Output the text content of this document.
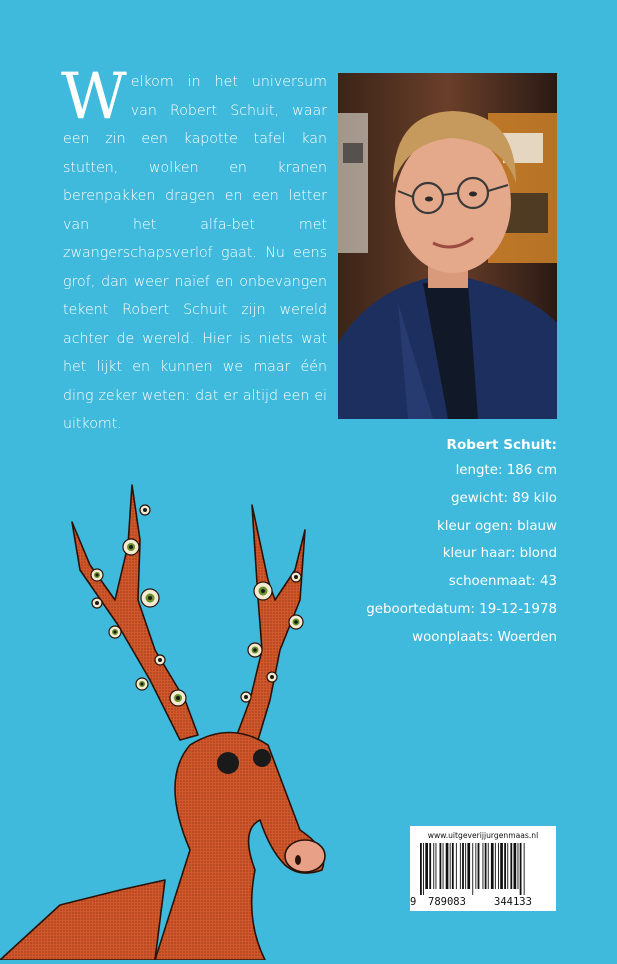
Welkom in het universum van Robert Schuit, waar een zin een kapotte tafel kan stutten, wolken en kranen berenpakken dragen en een letter van het alfa-bet met zwangerschapsverlof gaat. Nu eens grof, dan weer naïef en onbevangen tekent Robert Schuit zijn wereld achter de wereld. Hier is niets wat het lijkt en kunnen we maar één ding zeker weten: dat er altijd een ei uitkomt.
Robert Schuit:
lengte: 186 cm
gewicht: 89 kilo
kleur ogen: blauw
kleur haar: blond
schoenmaat: 43
geboortedatum: 19-12-1978
woonplaats: Woerden
www.uitgeverijjurgenmaas.nl
9 789083	344133
